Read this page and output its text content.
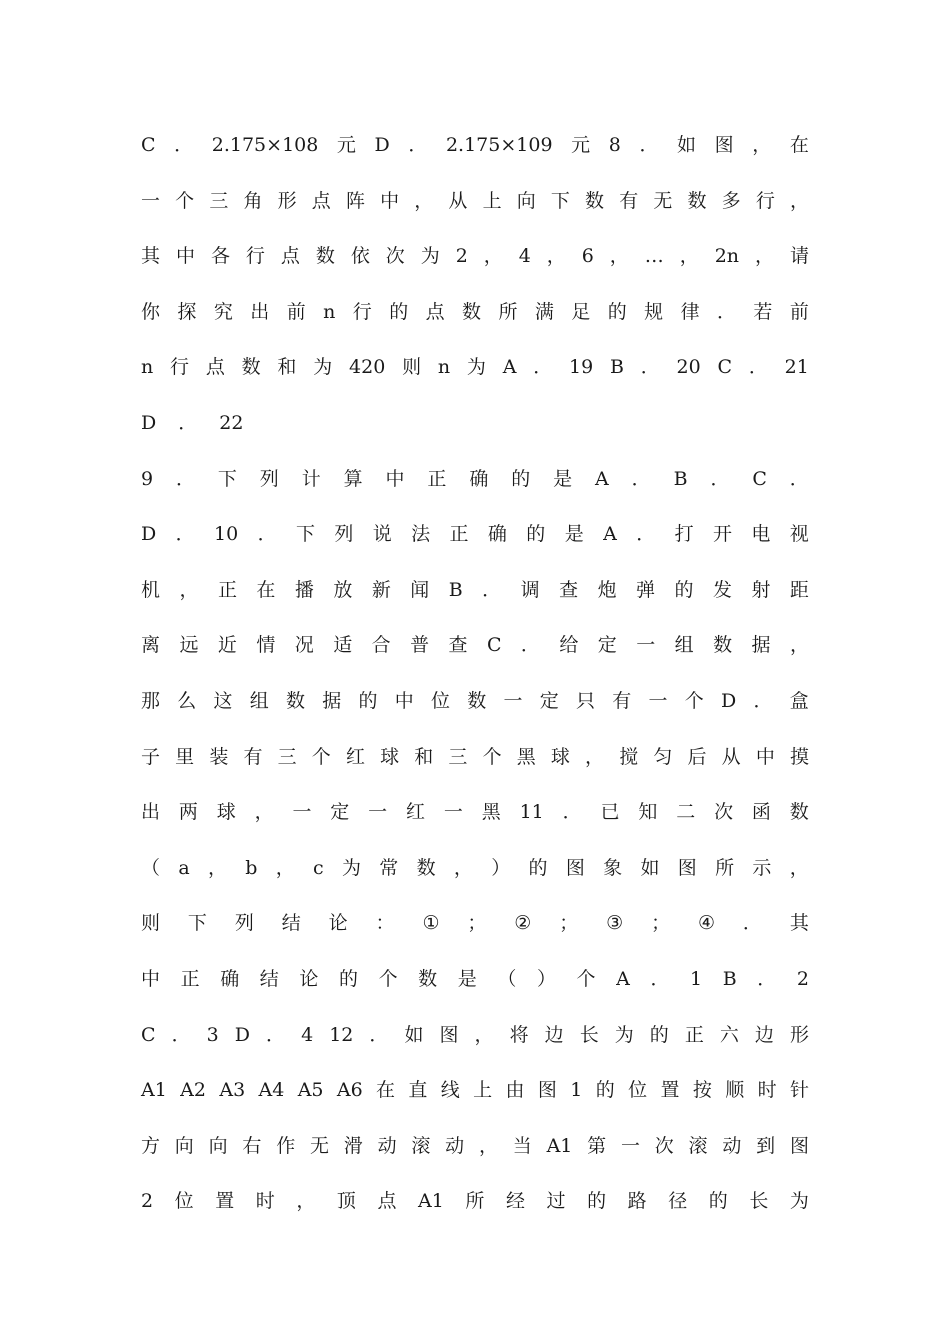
C ． 2.175×108 元 D ． 2.175×109 元 8 ． 如 图 ， 在
一 个 三 角 形 点 阵 中 ， 从 上 向 下 数 有 无 数 多 行 ，
其 中 各 行 点 数 依 次 为 2 ， 4 ， 6 ， … ， 2n ， 请
你 探 究 出 前 n 行 的 点 数 所 满 足 的 规 律 ． 若 前
n 行 点 数 和 为 420 则 n 为 A ． 19 B ． 20 C ． 21
D ． 22
9 ． 下 列 计 算 中 正 确 的 是 A ． B ． C ．
D ． 10 ． 下 列 说 法 正 确 的 是 A ． 打 开 电 视
机 ， 正 在 播 放 新 闻 B ． 调 查 炮 弹 的 发 射 距
离 远 近 情 况 适 合 普 查 C ． 给 定 一 组 数 据 ，
那 么 这 组 数 据 的 中 位 数 一 定 只 有 一 个 D ． 盒
子 里 装 有 三 个 红 球 和 三 个 黑 球 ， 搅 匀 后 从 中 摸
出 两 球 ， 一 定 一 红 一 黑 11 ． 已 知 二 次 函 数
（ a ， b ， c 为 常 数 ， ） 的 图 象 如 图 所 示 ，
则 下 列 结 论 ： ① ； ② ； ③ ； ④ ． 其
中 正 确 结 论 的 个 数 是 （ ） 个 A ． 1 B ． 2
C ． 3 D ． 4 12 ． 如 图 ， 将 边 长 为 的 正 六 边 形
A1 A2 A3 A4 A5 A6 在 直 线 上 由 图 1 的 位 置 按 顺 时 针
方 向 向 右 作 无 滑 动 滚 动 ， 当 A1 第 一 次 滚 动 到 图
2 位 置 时 ， 顶 点 A1 所 经 过 的 路 径 的 长 为
